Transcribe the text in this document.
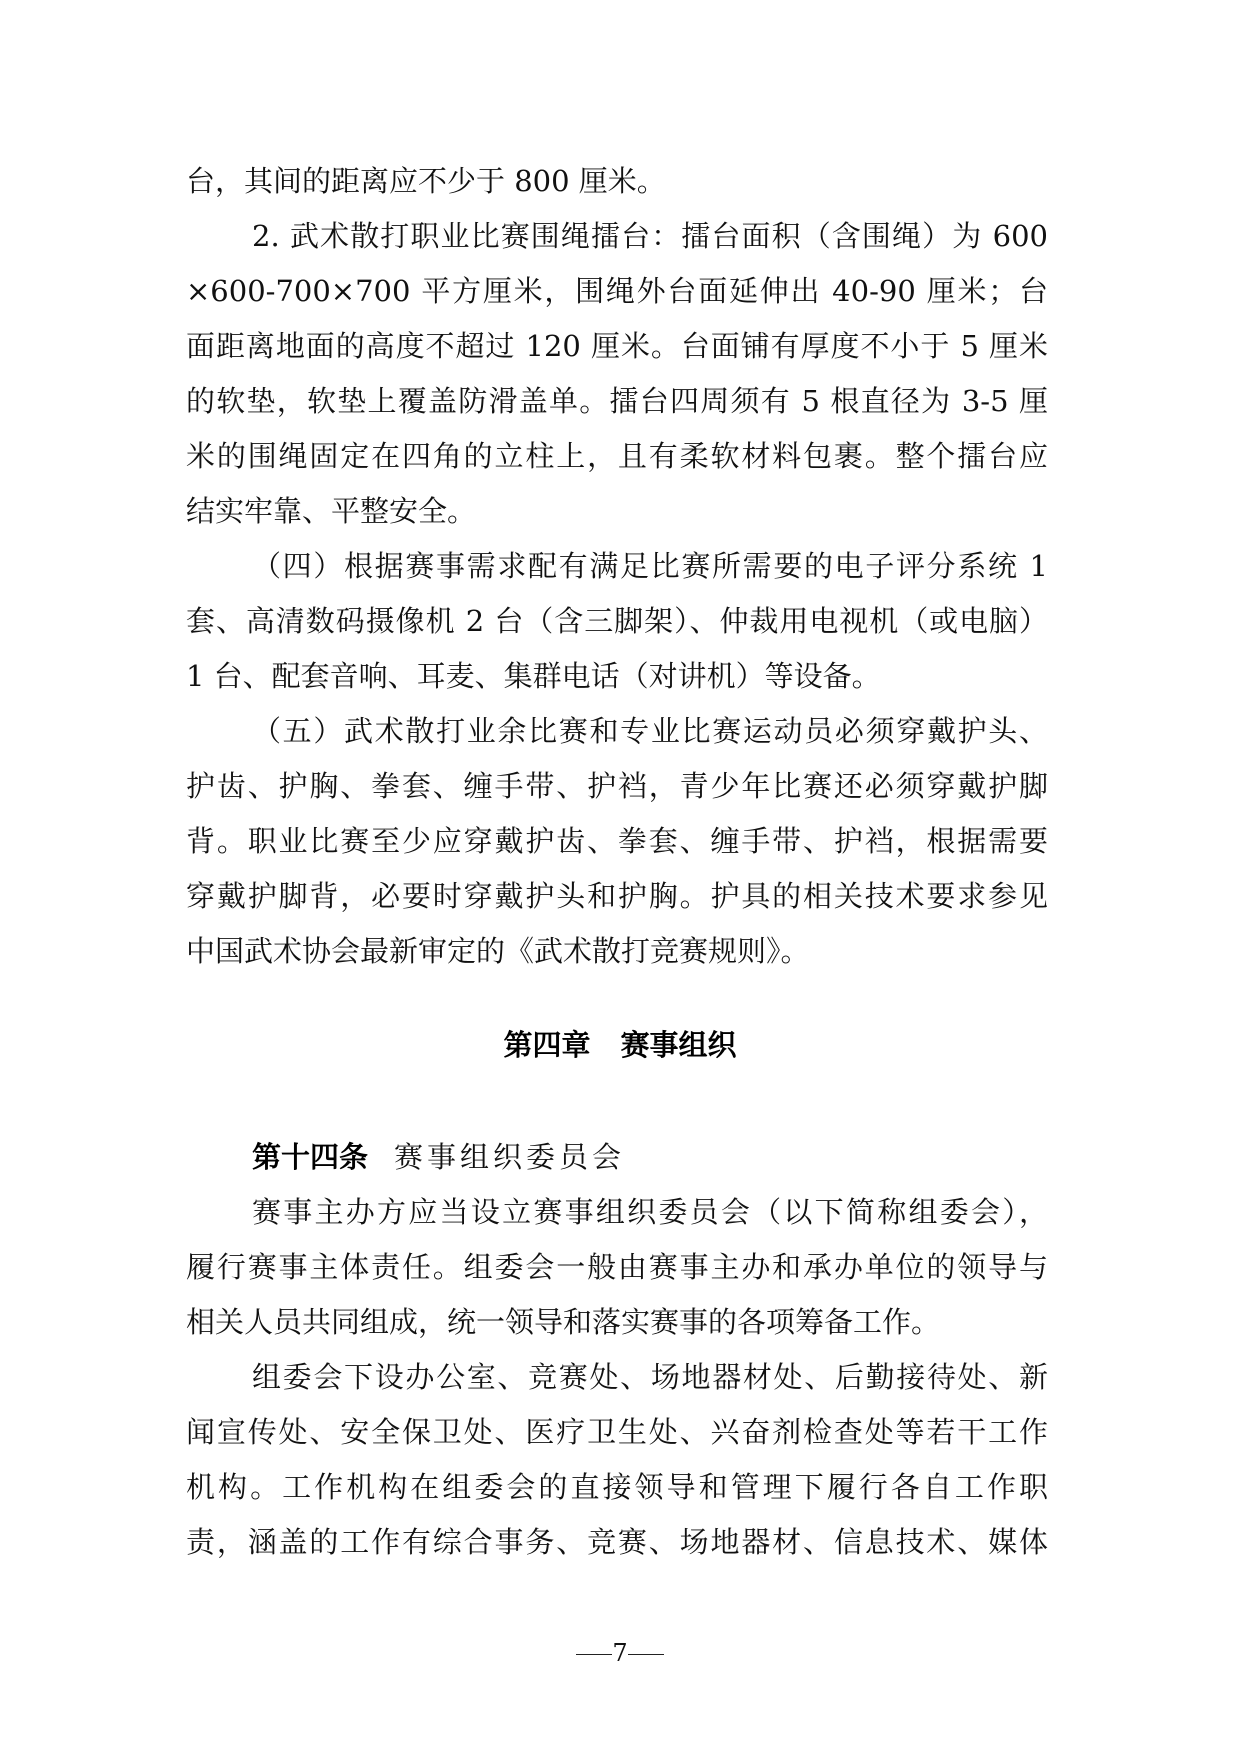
台，其间的距离应不少于 800 厘米。
2. 武术散打职业比赛围绳擂台：擂台面积（含围绳）为 600
×600-700×700 平方厘米，围绳外台面延伸出 40-90 厘米；台
面距离地面的高度不超过 120 厘米。台面铺有厚度不小于 5 厘米
的软垫，软垫上覆盖防滑盖单。擂台四周须有 5 根直径为 3-5 厘
米的围绳固定在四角的立柱上，且有柔软材料包裹。整个擂台应
结实牢靠、平整安全。
（四）根据赛事需求配有满足比赛所需要的电子评分系统 1
套、高清数码摄像机 2 台（含三脚架）、仲裁用电视机（或电脑）
1 台、配套音响、耳麦、集群电话（对讲机）等设备。
（五）武术散打业余比赛和专业比赛运动员必须穿戴护头、
护齿、护胸、拳套、缠手带、护裆，青少年比赛还必须穿戴护脚
背。职业比赛至少应穿戴护齿、拳套、缠手带、护裆，根据需要
穿戴护脚背，必要时穿戴护头和护胸。护具的相关技术要求参见
中国武术协会最新审定的《武术散打竞赛规则》。
第四章 赛事组织
第十四条 赛事组织委员会
赛事主办方应当设立赛事组织委员会（以下简称组委会），
履行赛事主体责任。组委会一般由赛事主办和承办单位的领导与
相关人员共同组成，统一领导和落实赛事的各项筹备工作。
组委会下设办公室、竞赛处、场地器材处、后勤接待处、新
闻宣传处、安全保卫处、医疗卫生处、兴奋剂检查处等若干工作
机构。工作机构在组委会的直接领导和管理下履行各自工作职
责，涵盖的工作有综合事务、竞赛、场地器材、信息技术、媒体
7
